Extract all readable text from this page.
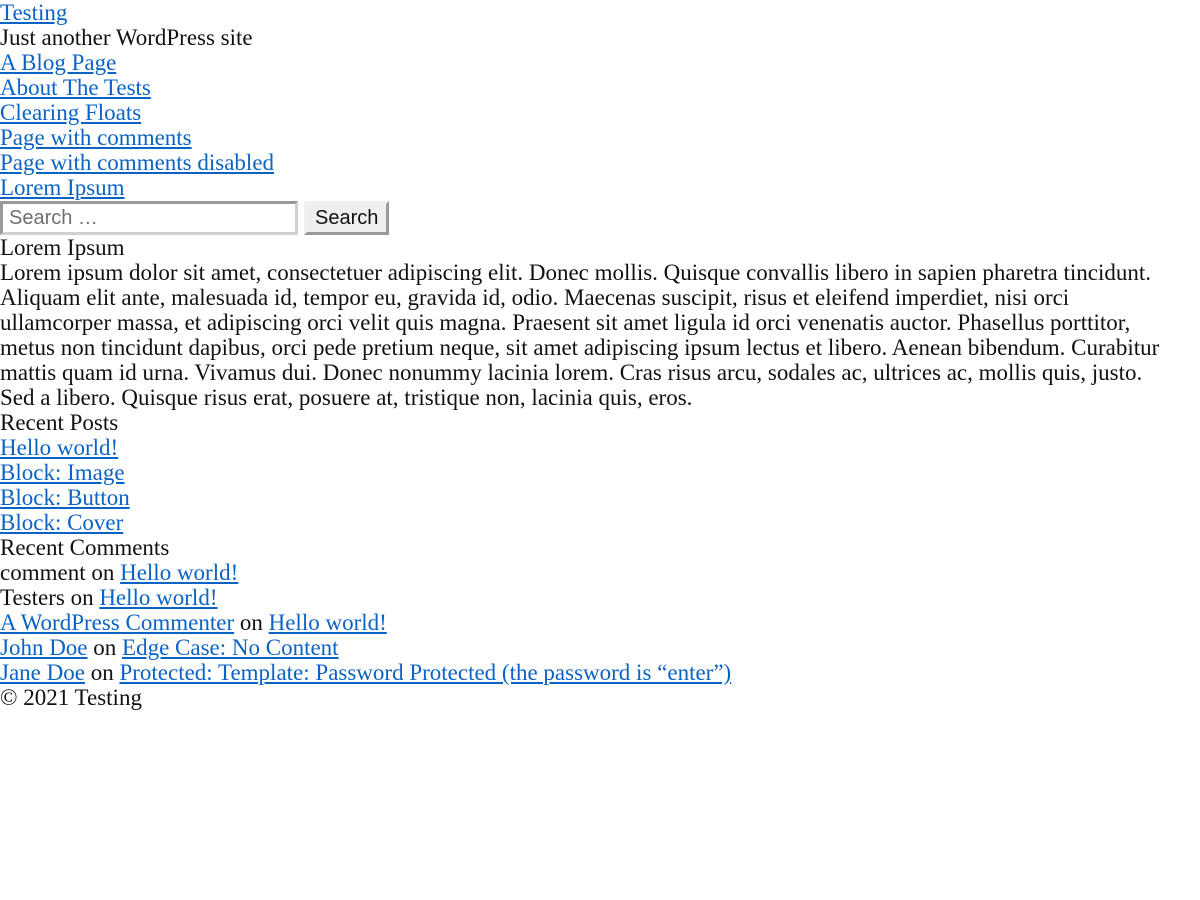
Testing
Just another WordPress site
A Blog Page
About The Tests
Clearing Floats
Page with comments
Page with comments disabled
Lorem Ipsum
Search …
Search
Lorem Ipsum
Lorem ipsum dolor sit amet, consectetuer adipiscing elit. Donec mollis. Quisque convallis libero in sapien pharetra tincidunt. Aliquam elit ante, malesuada id, tempor eu, gravida id, odio. Maecenas suscipit, risus et eleifend imperdiet, nisi orci ullamcorper massa, et adipiscing orci velit quis magna. Praesent sit amet ligula id orci venenatis auctor. Phasellus porttitor, metus non tincidunt dapibus, orci pede pretium neque, sit amet adipiscing ipsum lectus et libero. Aenean bibendum. Curabitur mattis quam id urna. Vivamus dui. Donec nonummy lacinia lorem. Cras risus arcu, sodales ac, ultrices ac, mollis quis, justo. Sed a libero. Quisque risus erat, posuere at, tristique non, lacinia quis, eros.
Recent Posts
Hello world!
Block: Image
Block: Button
Block: Cover
Recent Comments
comment on Hello world!
Testers on Hello world!
A WordPress Commenter on Hello world!
John Doe on Edge Case: No Content
Jane Doe on Protected: Template: Password Protected (the password is “enter”)
© 2021 Testing
